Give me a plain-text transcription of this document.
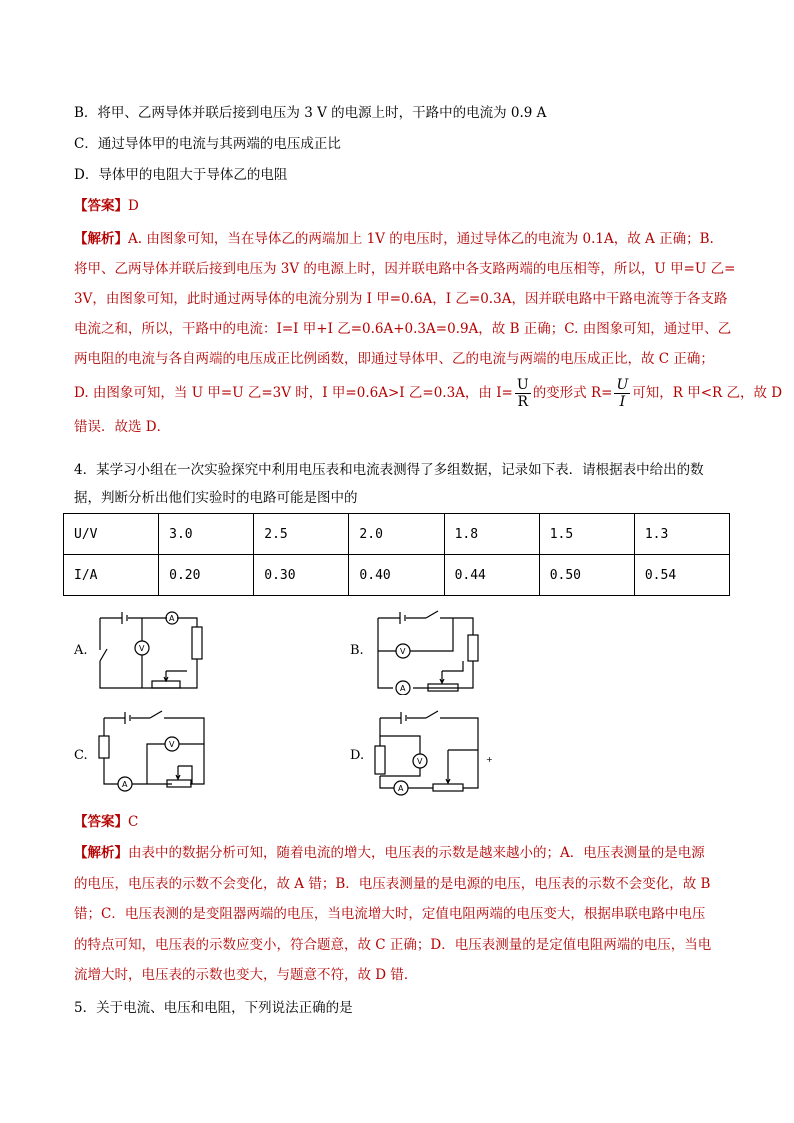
B．将甲、乙两导体并联后接到电压为 3 V 的电源上时，干路中的电流为 0.9 A
C．通过导体甲的电流与其两端的电压成正比
D．导体甲的电阻大于导体乙的电阻
【答案】D
【解析】A. 由图象可知，当在导体乙的两端加上 1V 的电压时，通过导体乙的电流为 0.1A，故 A 正确；B.
将甲、乙两导体并联后接到电压为 3V 的电源上时，因并联电路中各支路两端的电压相等，所以，U 甲=U 乙=
3V，由图象可知，此时通过两导体的电流分别为 I 甲=0.6A，I 乙=0.3A，因并联电路中干路电流等于各支路
电流之和，所以，干路中的电流：I=I 甲+I 乙=0.6A+0.3A=0.9A，故 B 正确；C. 由图象可知，通过甲、乙
两电阻的电流与各自两端的电压成正比例函数，即通过导体甲、乙的电流与两端的电压成正比，故 C 正确；
D. 由图象可知，当 U 甲=U 乙=3V 时，I 甲=0.6A>I 乙=0.3A，由 $I= \frac{U}{R}$ 的变形式 $R= \frac{U}{I}$ 可知，R 甲<R 乙，故 D
错误．故选 D．
4．某学习小组在一次实验探究中利用电压表和电流表测得了多组数据，记录如下表．请根据表中给出的数
据，判断分析出他们实验时的电路可能是图中的
U/V	3.0	2.5	2.0	1.8	1.5	1.3
I/A	0.20	0.30	0.40	0.44	0.50	0.54
A.	B.
C.	D.
A
V	V
A
A
V
V
A
+
【答案】C
【解析】由表中的数据分析可知，随着电流的增大，电压表的示数是越来越小的；A．电压表测量的是电源
的电压，电压表的示数不会变化，故 A 错；B．电压表测量的是电源的电压，电压表的示数不会变化，故 B
错；C．电压表测的是变阻器两端的电压，当电流增大时，定值电阻两端的电压变大，根据串联电路中电压
的特点可知，电压表的示数应变小，符合题意，故 C 正确；D．电压表测量的是定值电阻两端的电压，当电
流增大时，电压表的示数也变大，与题意不符，故 D 错．
5．关于电流、电压和电阻，下列说法正确的是
